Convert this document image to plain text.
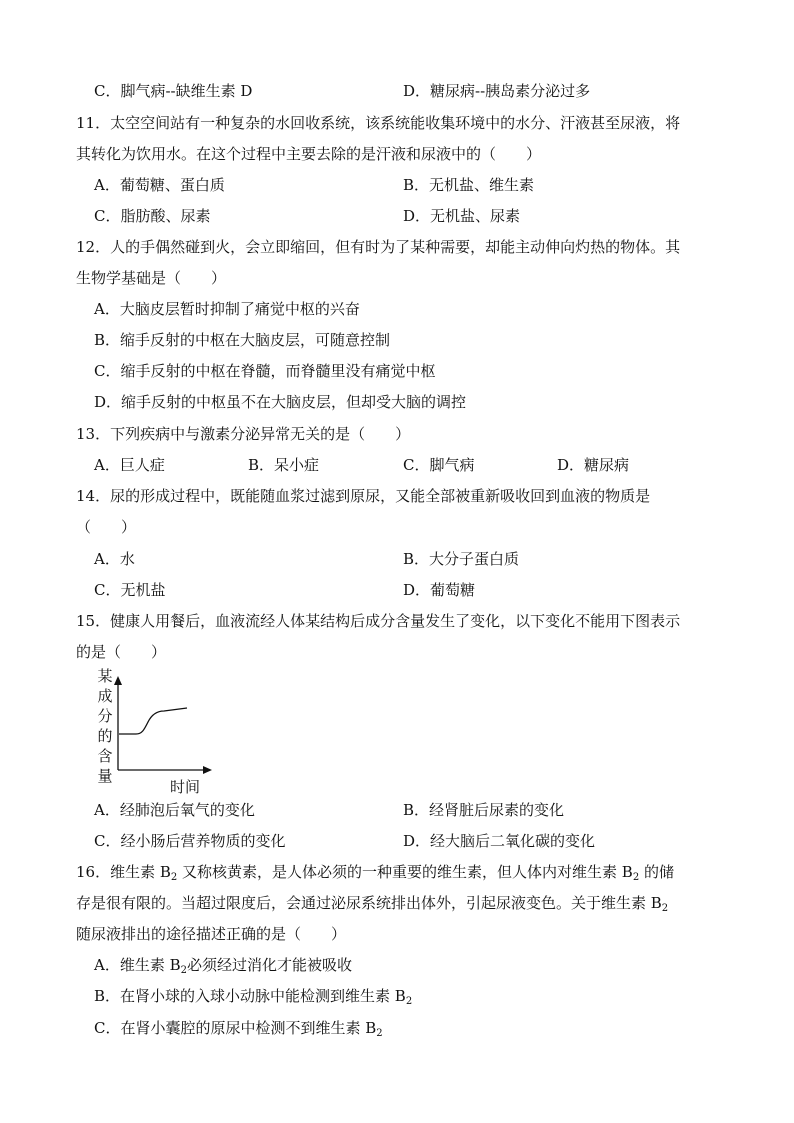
C．脚气病--缺维生素 D	D．糖尿病--胰岛素分泌过多
11．太空空间站有一种复杂的水回收系统，该系统能收集环境中的水分、汗液甚至尿液，将
其转化为饮用水。在这个过程中主要去除的是汗液和尿液中的（　　）
A．葡萄糖、蛋白质	B．无机盐、维生素
C．脂肪酸、尿素	D．无机盐、尿素
12．人的手偶然碰到火，会立即缩回，但有时为了某种需要，却能主动伸向灼热的物体。其
生物学基础是（　　）
A．大脑皮层暂时抑制了痛觉中枢的兴奋
B．缩手反射的中枢在大脑皮层，可随意控制
C．缩手反射的中枢在脊髓，而脊髓里没有痛觉中枢
D．缩手反射的中枢虽不在大脑皮层，但却受大脑的调控
13．下列疾病中与激素分泌异常无关的是（　　）
A．巨人症	B．呆小症	C．脚气病	D．糖尿病
14．尿的形成过程中，既能随血浆过滤到原尿，又能全部被重新吸收回到血液的物质是
（　　）
A．水	B．大分子蛋白质
C．无机盐	D．葡萄糖
15．健康人用餐后，血液流经人体某结构后成分含量发生了变化，以下变化不能用下图表示
的是（　　）
某
成
分
的
含
量
时间
A．经肺泡后氧气的变化	B．经肾脏后尿素的变化
C．经小肠后营养物质的变化	D．经大脑后二氧化碳的变化
16．维生素 $B_2$ 又称核黄素，是人体必须的一种重要的维生素，但人体内对维生素 $B_2$ 的储
存是很有限的。当超过限度后，会通过泌尿系统排出体外，引起尿液变色。关于维生素 $B_2$
随尿液排出的途径描述正确的是（　　）
A．维生素 $B_2$必须经过消化才能被吸收
B．在肾小球的入球小动脉中能检测到维生素 $B_2$
C．在肾小囊腔的原尿中检测不到维生素 $B_2$
